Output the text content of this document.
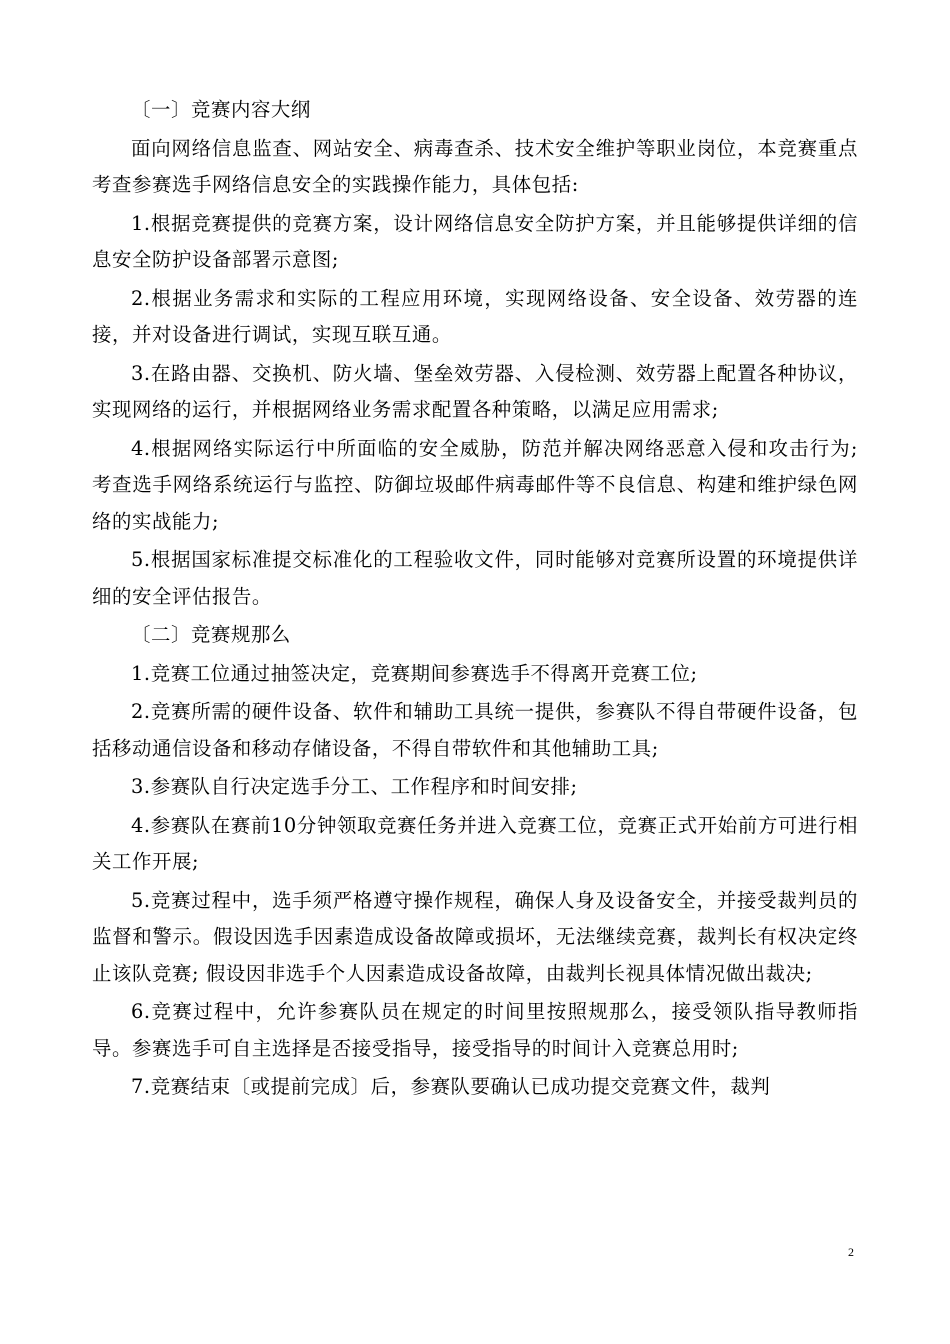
〔一〕竞赛内容大纲

面向网络信息监查、网站安全、病毒查杀、技术安全维护等职业岗位，本竞赛重点考查参赛选手网络信息安全的实践操作能力，具体包括:

1.根据竞赛提供的竞赛方案，设计网络信息安全防护方案，并且能够提供详细的信息安全防护设备部署示意图;

2.根据业务需求和实际的工程应用环境，实现网络设备、安全设备、效劳器的连接，并对设备进行调试，实现互联互通。

3.在路由器、交换机、防火墙、堡垒效劳器、入侵检测、效劳器上配置各种协议，实现网络的运行，并根据网络业务需求配置各种策略，以满足应用需求;

4.根据网络实际运行中所面临的安全威胁，防范并解决网络恶意入侵和攻击行为; 考查选手网络系统运行与监控、防御垃圾邮件病毒邮件等不良信息、构建和维护绿色网络的实战能力;

5.根据国家标准提交标准化的工程验收文件，同时能够对竞赛所设置的环境提供详细的安全评估报告。

〔二〕竞赛规那么

1.竞赛工位通过抽签决定，竞赛期间参赛选手不得离开竞赛工位;

2.竞赛所需的硬件设备、软件和辅助工具统一提供，参赛队不得自带硬件设备，包括移动通信设备和移动存储设备，不得自带软件和其他辅助工具;

3.参赛队自行决定选手分工、工作程序和时间安排;

4.参赛队在赛前10分钟领取竞赛任务并进入竞赛工位，竞赛正式开始前方可进行相关工作开展;

5.竞赛过程中，选手须严格遵守操作规程，确保人身及设备安全，并接受裁判员的监督和警示。假设因选手因素造成设备故障或损坏，无法继续竞赛，裁判长有权决定终止该队竞赛; 假设因非选手个人因素造成设备故障，由裁判长视具体情况做出裁决;

6.竞赛过程中，允许参赛队员在规定的时间里按照规那么，接受领队指导教师指导。参赛选手可自主选择是否接受指导，接受指导的时间计入竞赛总用时;

7.竞赛结束〔或提前完成〕后，参赛队要确认已成功提交竞赛文件，裁判

2
